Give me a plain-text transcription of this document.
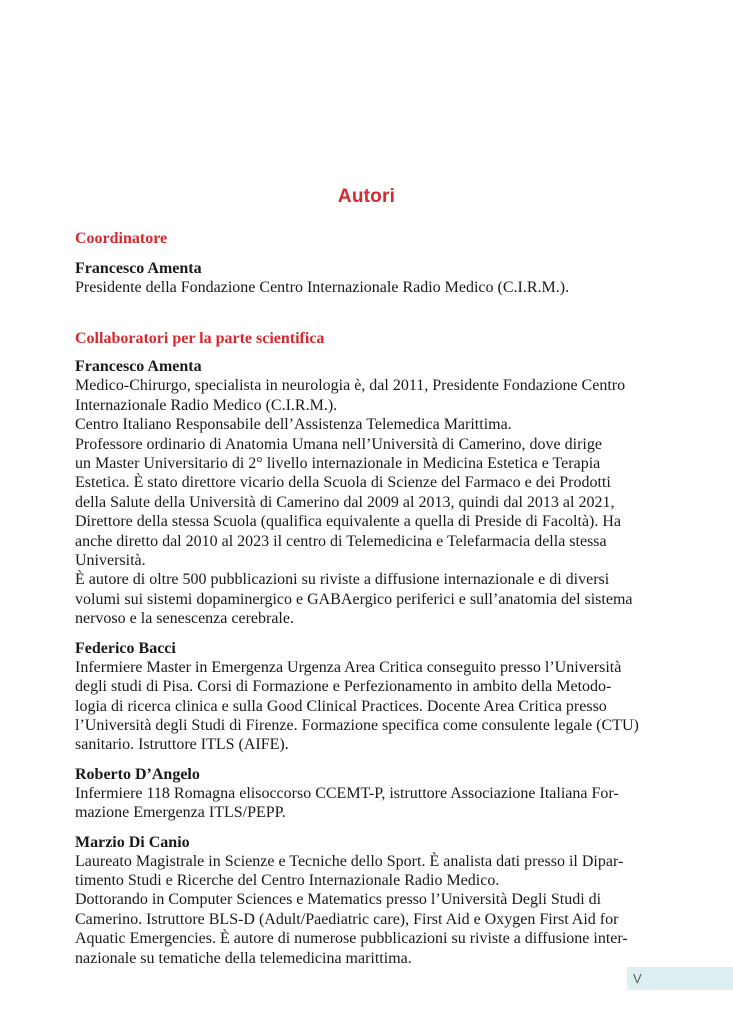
Autori
Coordinatore
Francesco Amenta
Presidente della Fondazione Centro Internazionale Radio Medico (C.I.R.M.).
Collaboratori per la parte scientifica
Francesco Amenta
Medico-Chirurgo, specialista in neurologia è, dal 2011, Presidente Fondazione Centro
Internazionale Radio Medico (C.I.R.M.).
Centro Italiano Responsabile dell’Assistenza Telemedica Marittima.
Professore ordinario di Anatomia Umana nell’Università di Camerino, dove dirige
un Master Universitario di 2° livello internazionale in Medicina Estetica e Terapia
Estetica. È stato direttore vicario della Scuola di Scienze del Farmaco e dei Prodotti
della Salute della Università di Camerino dal 2009 al 2013, quindi dal 2013 al 2021,
Direttore della stessa Scuola (qualifica equivalente a quella di Preside di Facoltà). Ha
anche diretto dal 2010 al 2023 il centro di Telemedicina e Telefarmacia della stessa
Università.
È autore di oltre 500 pubblicazioni su riviste a diffusione internazionale e di diversi
volumi sui sistemi dopaminergico e GABAergico periferici e sull’anatomia del sistema
nervoso e la senescenza cerebrale.
Federico Bacci
Infermiere Master in Emergenza Urgenza Area Critica conseguito presso l’Università
degli studi di Pisa. Corsi di Formazione e Perfezionamento in ambito della Metodo-
logia di ricerca clinica e sulla Good Clinical Practices. Docente Area Critica presso
l’Università degli Studi di Firenze. Formazione specifica come consulente legale (CTU)
sanitario. Istruttore ITLS (AIFE).
Roberto D’Angelo
Infermiere 118 Romagna elisoccorso CCEMT-P, istruttore Associazione Italiana For-
mazione Emergenza ITLS/PEPP.
Marzio Di Canio
Laureato Magistrale in Scienze e Tecniche dello Sport. È analista dati presso il Dipar-
timento Studi e Ricerche del Centro Internazionale Radio Medico.
Dottorando in Computer Sciences e Matematics presso l’Università Degli Studi di
Camerino. Istruttore BLS-D (Adult/Paediatric care), First Aid e Oxygen First Aid for
Aquatic Emergencies. È autore di numerose pubblicazioni su riviste a diffusione inter-
nazionale su tematiche della telemedicina marittima.
V
